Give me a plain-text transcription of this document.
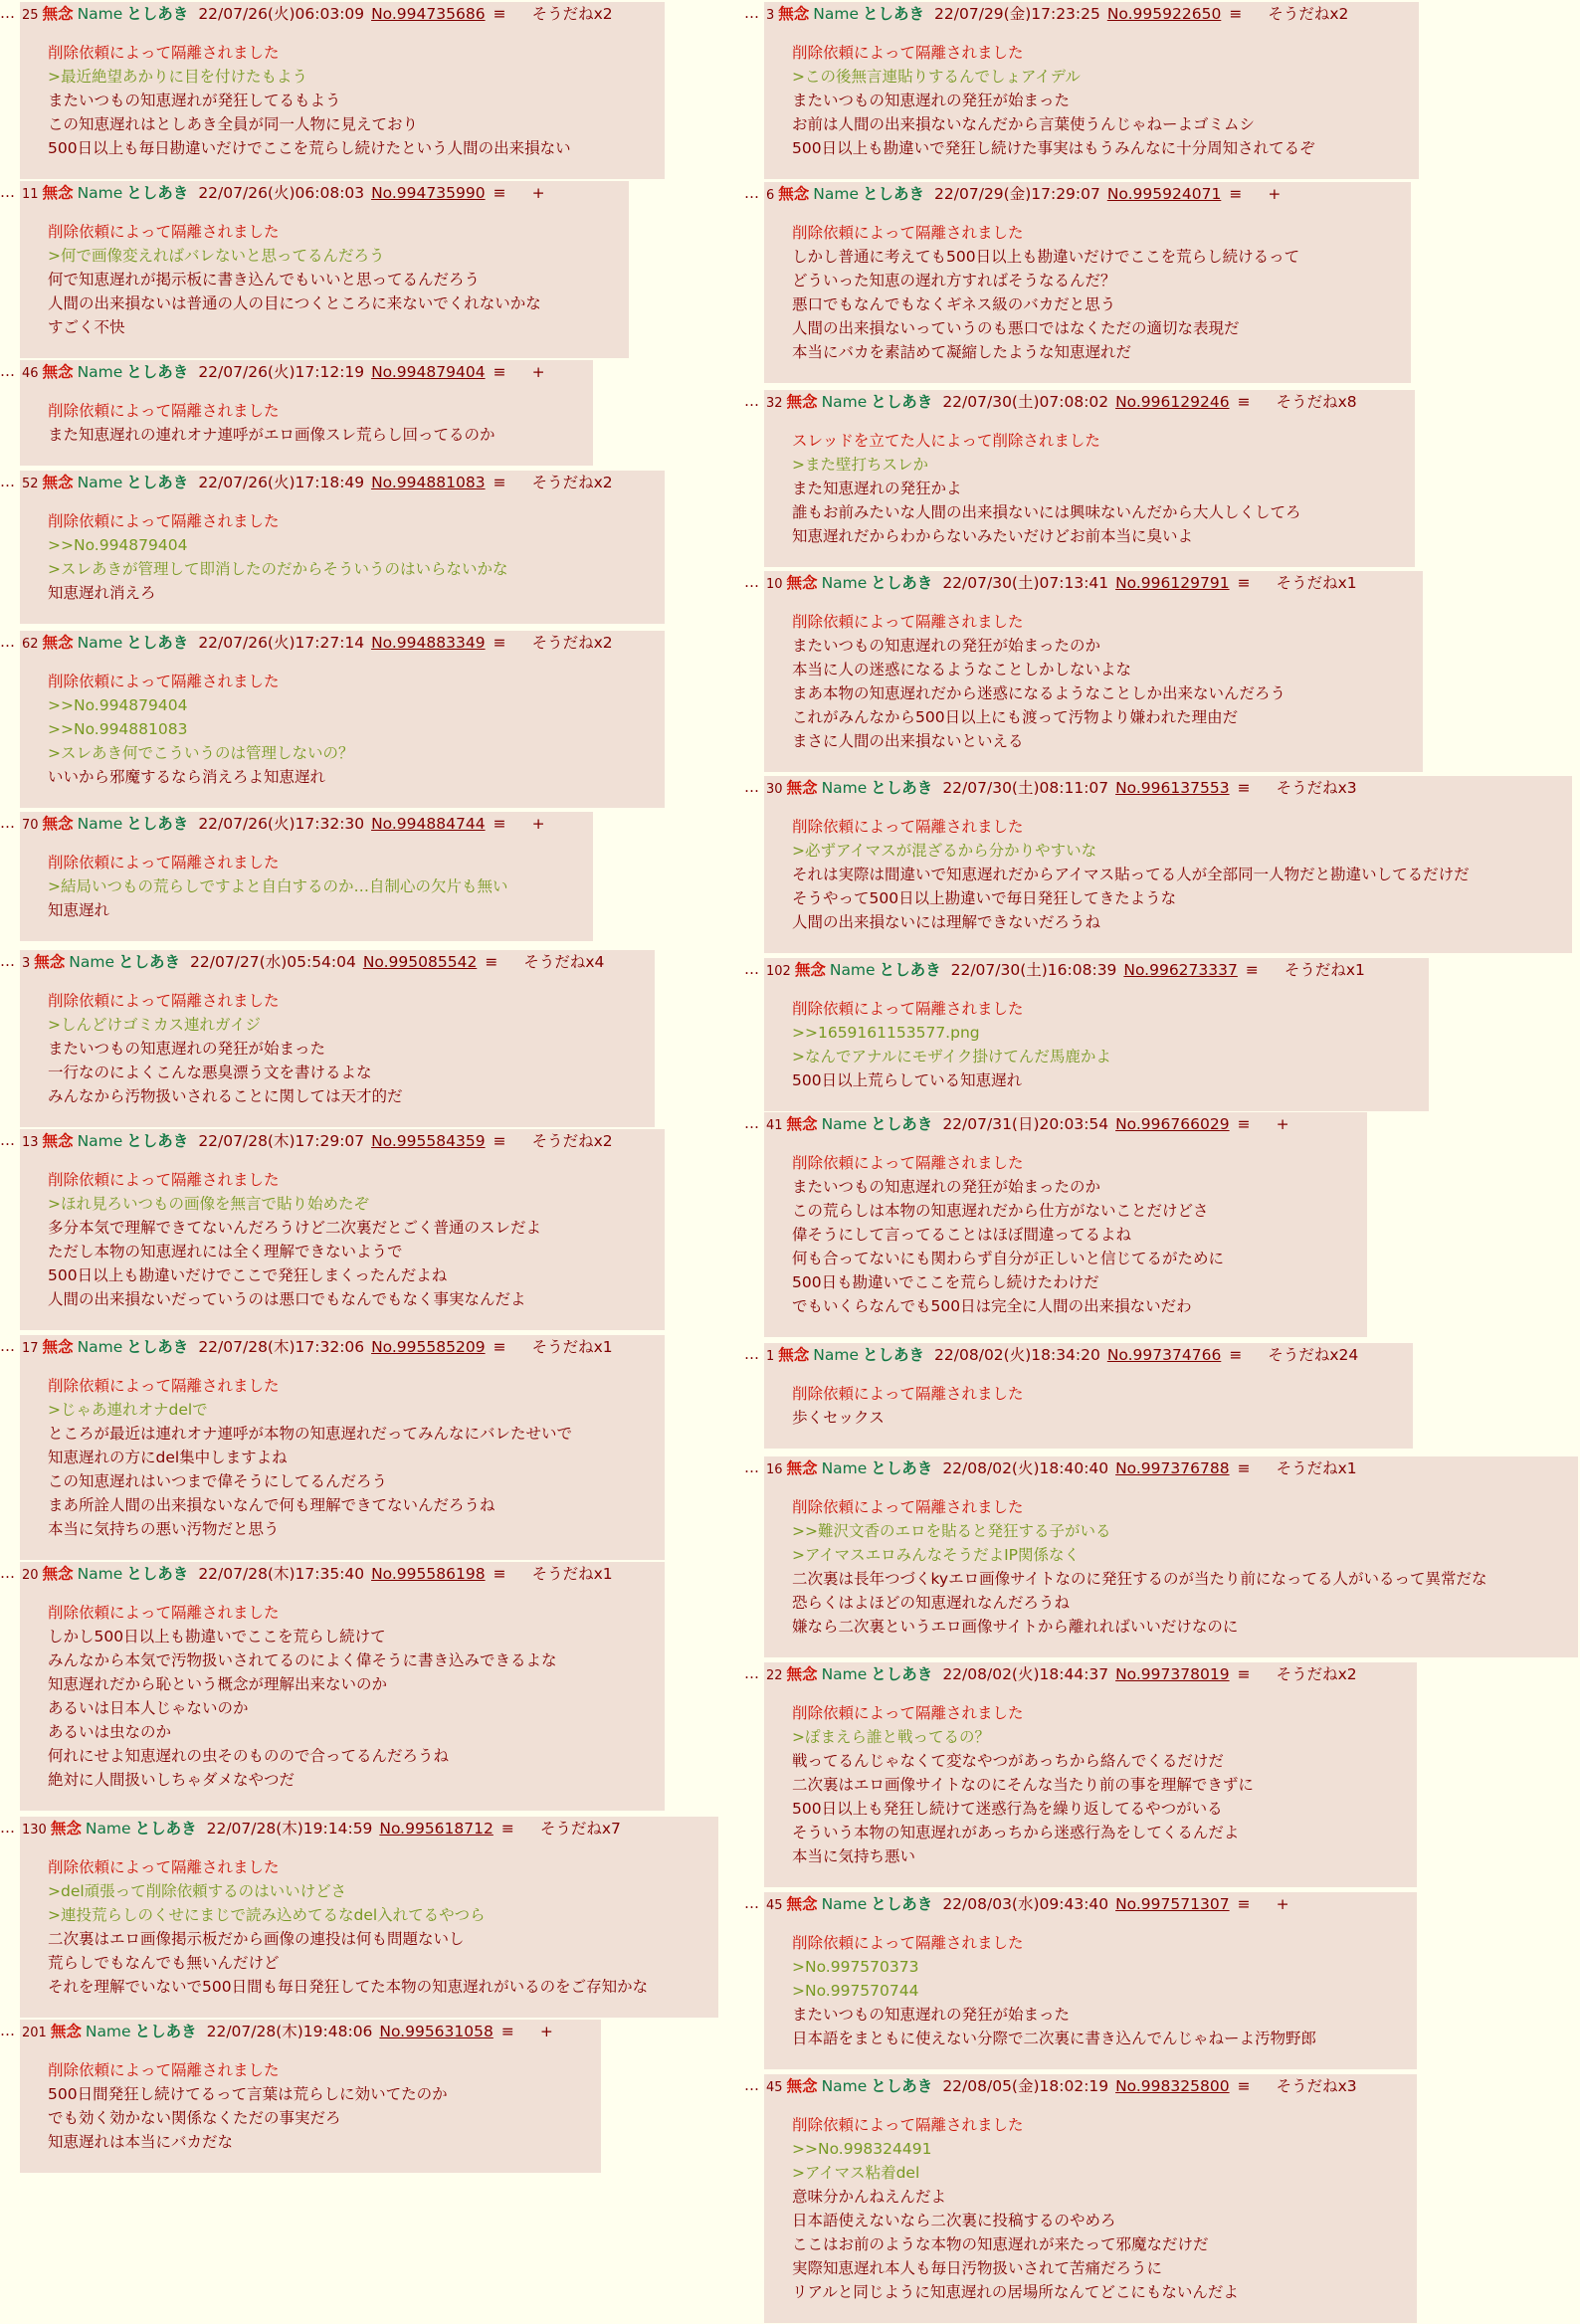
… 25 無念 Name としあき 22/07/26(火)06:03:09 No.994735686 ≡ そうだねx2
削除依頼によって隔離されました
>最近絶望あかりに目を付けたもよう
またいつもの知恵遅れが発狂してるもよう
この知恵遅れはとしあき全員が同一人物に見えており
500日以上も毎日勘違いだけでここを荒らし続けたという人間の出来損ない
… 11 無念 Name としあき 22/07/26(火)06:08:03 No.994735990 ≡ +
削除依頼によって隔離されました
>何で画像変えればバレないと思ってるんだろう
何で知恵遅れが掲示板に書き込んでもいいと思ってるんだろう
人間の出来損ないは普通の人の目につくところに来ないでくれないかな
すごく不快
… 46 無念 Name としあき 22/07/26(火)17:12:19 No.994879404 ≡ +
削除依頼によって隔離されました
また知恵遅れの連れオナ連呼がエロ画像スレ荒らし回ってるのか
… 52 無念 Name としあき 22/07/26(火)17:18:49 No.994881083 ≡ そうだねx2
削除依頼によって隔離されました
>>No.994879404
>スレあきが管理して即消したのだからそういうのはいらないかな
知恵遅れ消えろ
… 62 無念 Name としあき 22/07/26(火)17:27:14 No.994883349 ≡ そうだねx2
削除依頼によって隔離されました
>>No.994879404
>>No.994881083
>スレあき何でこういうのは管理しないの？
いいから邪魔するなら消えろよ知恵遅れ
… 70 無念 Name としあき 22/07/26(火)17:32:30 No.994884744 ≡ +
削除依頼によって隔離されました
>結局いつもの荒らしですよと自白するのか…自制心の欠片も無い
知恵遅れ
… 3 無念 Name としあき 22/07/27(水)05:54:04 No.995085542 ≡ そうだねx4
削除依頼によって隔離されました
>しんどけゴミカス連れガイジ
またいつもの知恵遅れの発狂が始まった
一行なのによくこんな悪臭漂う文を書けるよな
みんなから汚物扱いされることに関しては天才的だ
… 13 無念 Name としあき 22/07/28(木)17:29:07 No.995584359 ≡ そうだねx2
削除依頼によって隔離されました
>ほれ見ろいつもの画像を無言で貼り始めたぞ
多分本気で理解できてないんだろうけど二次裏だとごく普通のスレだよ
ただし本物の知恵遅れには全く理解できないようで
500日以上も勘違いだけでここで発狂しまくったんだよね
人間の出来損ないだっていうのは悪口でもなんでもなく事実なんだよ
… 17 無念 Name としあき 22/07/28(木)17:32:06 No.995585209 ≡ そうだねx1
削除依頼によって隔離されました
>じゃあ連れオナdelで
ところが最近は連れオナ連呼が本物の知恵遅れだってみんなにバレたせいで
知恵遅れの方にdel集中しますよね
この知恵遅れはいつまで偉そうにしてるんだろう
まあ所詮人間の出来損ないなんで何も理解できてないんだろうね
本当に気持ちの悪い汚物だと思う
… 20 無念 Name としあき 22/07/28(木)17:35:40 No.995586198 ≡ そうだねx1
削除依頼によって隔離されました
しかし500日以上も勘違いでここを荒らし続けて
みんなから本気で汚物扱いされてるのによく偉そうに書き込みできるよな
知恵遅れだから恥という概念が理解出来ないのか
あるいは日本人じゃないのか
あるいは虫なのか
何れにせよ知恵遅れの虫そのものので合ってるんだろうね
絶対に人間扱いしちゃダメなやつだ
… 130 無念 Name としあき 22/07/28(木)19:14:59 No.995618712 ≡ そうだねx7
削除依頼によって隔離されました
>del頑張って削除依頼するのはいいけどさ
>連投荒らしのくせにまじで読み込めてるなdel入れてるやつら
二次裏はエロ画像掲示板だから画像の連投は何も問題ないし
荒らしでもなんでも無いんだけど
それを理解でいないで500日間も毎日発狂してた本物の知恵遅れがいるのをご存知かな
… 201 無念 Name としあき 22/07/28(木)19:48:06 No.995631058 ≡ +
削除依頼によって隔離されました
500日間発狂し続けてるって言葉は荒らしに効いてたのか
でも効く効かない関係なくただの事実だろ
知恵遅れは本当にバカだな
… 3 無念 Name としあき 22/07/29(金)17:23:25 No.995922650 ≡ そうだねx2
削除依頼によって隔離されました
>この後無言連貼りするんでしょアイデル
またいつもの知恵遅れの発狂が始まった
お前は人間の出来損ないなんだから言葉使うんじゃねーよゴミムシ
500日以上も勘違いで発狂し続けた事実はもうみんなに十分周知されてるぞ
… 6 無念 Name としあき 22/07/29(金)17:29:07 No.995924071 ≡ +
削除依頼によって隔離されました
しかし普通に考えても500日以上も勘違いだけでここを荒らし続けるって
どういった知恵の遅れ方すればそうなるんだ？
悪口でもなんでもなくギネス級のバカだと思う
人間の出来損ないっていうのも悪口ではなくただの適切な表現だ
本当にバカを素詰めて凝縮したような知恵遅れだ
… 32 無念 Name としあき 22/07/30(土)07:08:02 No.996129246 ≡ そうだねx8
スレッドを立てた人によって削除されました
>また壁打ちスレか
また知恵遅れの発狂かよ
誰もお前みたいな人間の出来損ないには興味ないんだから大人しくしてろ
知恵遅れだからわからないみたいだけどお前本当に臭いよ
… 10 無念 Name としあき 22/07/30(土)07:13:41 No.996129791 ≡ そうだねx1
削除依頼によって隔離されました
またいつもの知恵遅れの発狂が始まったのか
本当に人の迷惑になるようなことしかしないよな
まあ本物の知恵遅れだから迷惑になるようなことしか出来ないんだろう
これがみんなから500日以上にも渡って汚物より嫌われた理由だ
まさに人間の出来損ないといえる
… 30 無念 Name としあき 22/07/30(土)08:11:07 No.996137553 ≡ そうだねx3
削除依頼によって隔離されました
>必ずアイマスが混ざるから分かりやすいな
それは実際は間違いで知恵遅れだからアイマス貼ってる人が全部同一人物だと勘違いしてるだけだ
そうやって500日以上勘違いで毎日発狂してきたような
人間の出来損ないには理解できないだろうね
… 102 無念 Name としあき 22/07/30(土)16:08:39 No.996273337 ≡ そうだねx1
削除依頼によって隔離されました
>>1659161153577.png
>なんでアナルにモザイク掛けてんだ馬鹿かよ
500日以上荒らしている知恵遅れ
… 41 無念 Name としあき 22/07/31(日)20:03:54 No.996766029 ≡ +
削除依頼によって隔離されました
またいつもの知恵遅れの発狂が始まったのか
この荒らしは本物の知恵遅れだから仕方がないことだけどさ
偉そうにして言ってることはほぼ間違ってるよね
何も合ってないにも関わらず自分が正しいと信じてるがために
500日も勘違いでここを荒らし続けたわけだ
でもいくらなんでも500日は完全に人間の出来損ないだわ
… 1 無念 Name としあき 22/08/02(火)18:34:20 No.997374766 ≡ そうだねx24
削除依頼によって隔離されました
歩くセックス
… 16 無念 Name としあき 22/08/02(火)18:40:40 No.997376788 ≡ そうだねx1
削除依頼によって隔離されました
>>難沢文香のエロを貼ると発狂する子がいる
>アイマスエロみんなそうだよIP関係なく
二次裏は長年つづくkyエロ画像サイトなのに発狂するのが当たり前になってる人がいるって異常だな
恐らくはよほどの知恵遅れなんだろうね
嫌なら二次裏というエロ画像サイトから離れればいいだけなのに
… 22 無念 Name としあき 22/08/02(火)18:44:37 No.997378019 ≡ そうだねx2
削除依頼によって隔離されました
>ぽまえら誰と戦ってるの？
戦ってるんじゃなくて変なやつがあっちから絡んでくるだけだ
二次裏はエロ画像サイトなのにそんな当たり前の事を理解できずに
500日以上も発狂し続けて迷惑行為を繰り返してるやつがいる
そういう本物の知恵遅れがあっちから迷惑行為をしてくるんだよ
本当に気持ち悪い
… 45 無念 Name としあき 22/08/03(水)09:43:40 No.997571307 ≡ +
削除依頼によって隔離されました
>No.997570373
>No.997570744
またいつもの知恵遅れの発狂が始まった
日本語をまともに使えない分際で二次裏に書き込んでんじゃねーよ汚物野郎
… 45 無念 Name としあき 22/08/05(金)18:02:19 No.998325800 ≡ そうだねx3
削除依頼によって隔離されました
>>No.998324491
>アイマス粘着del
意味分かんねえんだよ
日本語使えないなら二次裏に投稿するのやめろ
ここはお前のような本物の知恵遅れが来たって邪魔なだけだ
実際知恵遅れ本人も毎日汚物扱いされて苦痛だろうに
リアルと同じように知恵遅れの居場所なんてどこにもないんだよ
